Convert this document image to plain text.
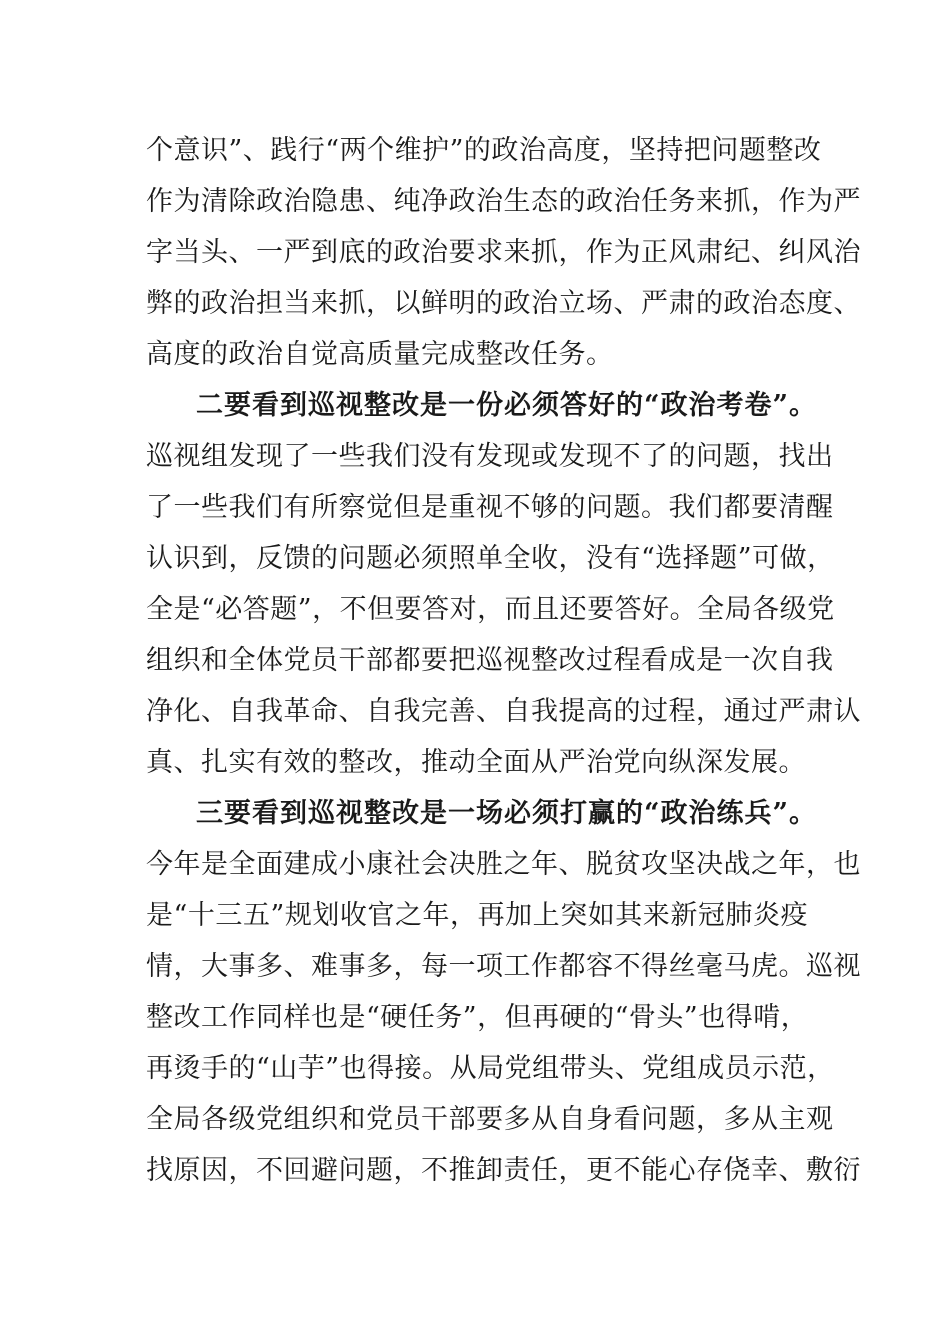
个意识”、践行“两个维护”的政治高度，坚持把问题整改
作为清除政治隐患、纯净政治生态的政治任务来抓，作为严
字当头、一严到底的政治要求来抓，作为正风肃纪、纠风治
弊的政治担当来抓，以鲜明的政治立场、严肃的政治态度、
高度的政治自觉高质量完成整改任务。
二要看到巡视整改是一份必须答好的“政治考卷”。
巡视组发现了一些我们没有发现或发现不了的问题，找出
了一些我们有所察觉但是重视不够的问题。我们都要清醒
认识到，反馈的问题必须照单全收，没有“选择题”可做，
全是“必答题”，不但要答对，而且还要答好。全局各级党
组织和全体党员干部都要把巡视整改过程看成是一次自我
净化、自我革命、自我完善、自我提高的过程，通过严肃认
真、扎实有效的整改，推动全面从严治党向纵深发展。
三要看到巡视整改是一场必须打赢的“政治练兵”。
今年是全面建成小康社会决胜之年、脱贫攻坚决战之年，也
是“十三五”规划收官之年，再加上突如其来新冠肺炎疫
情，大事多、难事多，每一项工作都容不得丝毫马虎。巡视
整改工作同样也是“硬任务”，但再硬的“骨头”也得啃，
再烫手的“山芋”也得接。从局党组带头、党组成员示范，
全局各级党组织和党员干部要多从自身看问题，多从主观
找原因，不回避问题，不推卸责任，更不能心存侥幸、敷衍
